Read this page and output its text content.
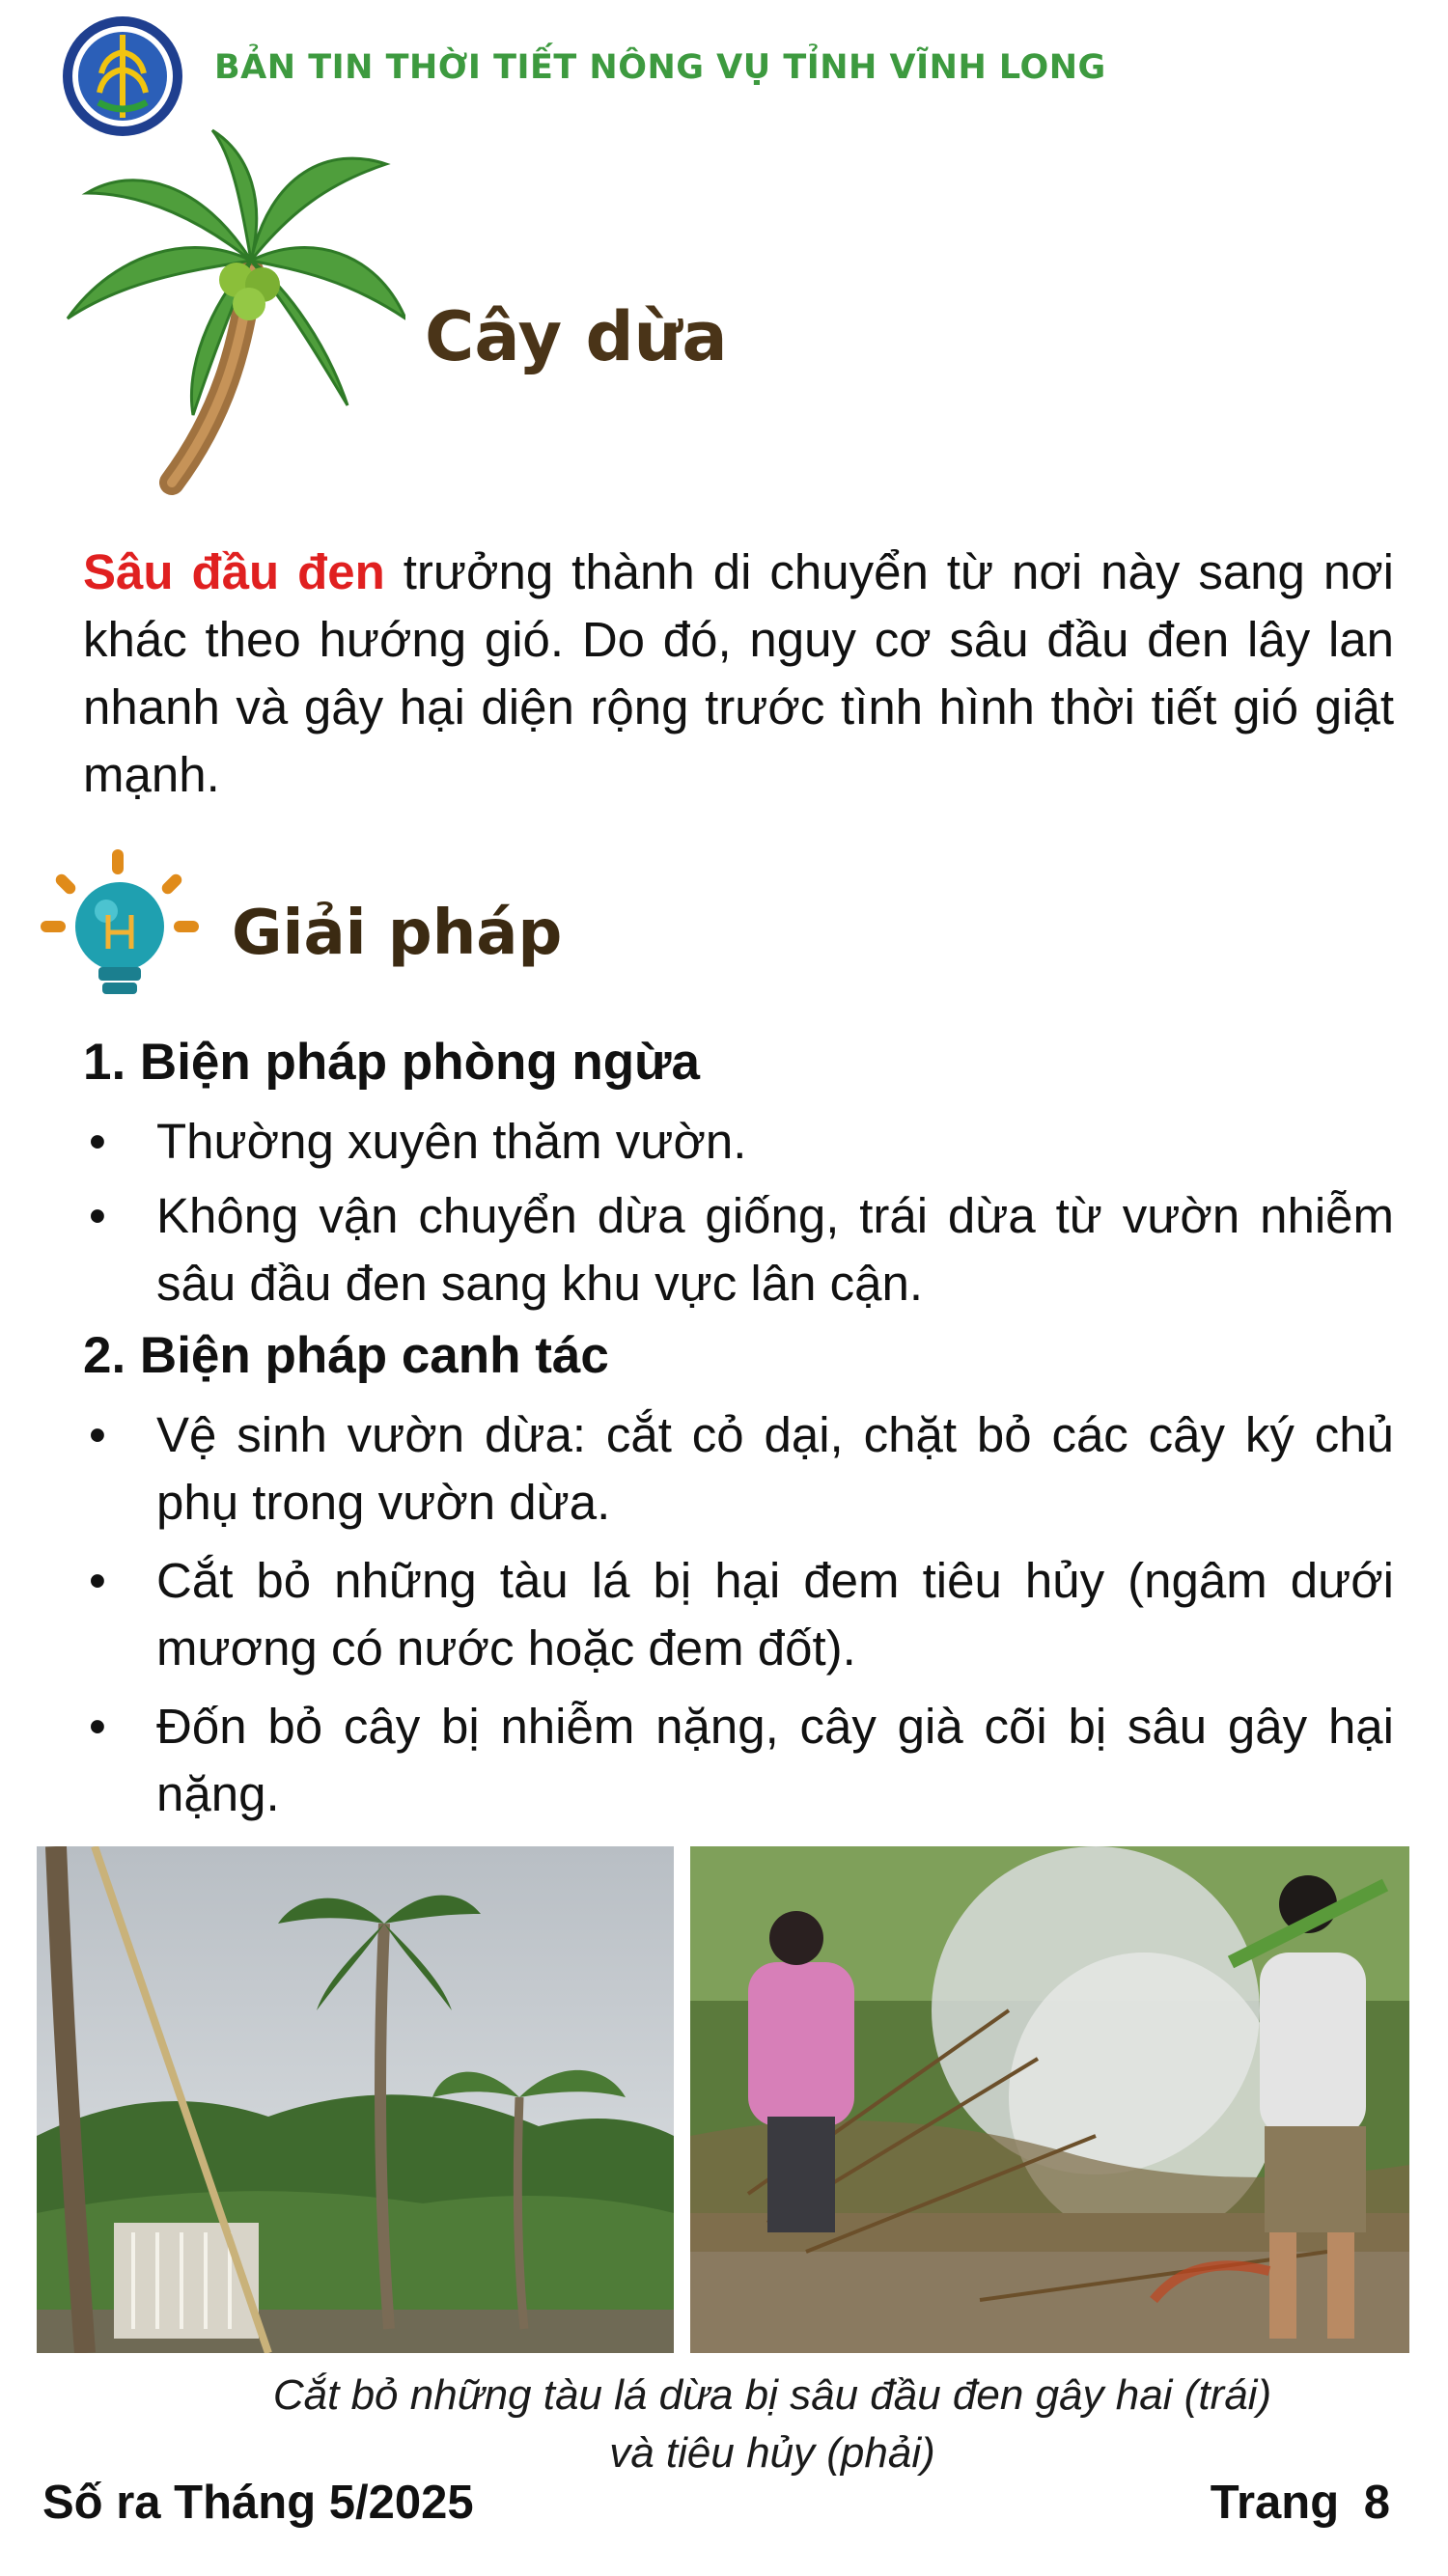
BẢN TIN THỜI TIẾT NÔNG VỤ TỈNH VĨNH LONG
Cây dừa
Sâu đầu đen trưởng thành di chuyển từ nơi này sang nơi khác theo hướng gió. Do đó, nguy cơ sâu đầu đen lây lan nhanh và gây hại diện rộng trước tình hình thời tiết gió giật mạnh.
Giải pháp
1. Biện pháp phòng ngừa
• Thường xuyên thăm vườn.
• Không vận chuyển dừa giống, trái dừa từ vườn nhiễm sâu đầu đen sang khu vực lân cận.
2. Biện pháp canh tác
• Vệ sinh vườn dừa: cắt cỏ dại, chặt bỏ các cây ký chủ phụ trong vườn dừa.
• Cắt bỏ những tàu lá bị hại đem tiêu hủy (ngâm dưới mương có nước hoặc đem đốt).
• Đốn bỏ cây bị nhiễm nặng, cây già cõi bị sâu gây hại nặng.
Cắt bỏ những tàu lá dừa bị sâu đầu đen gây hai (trái)
và tiêu hủy (phải)
Số ra Tháng 5/2025	Trang 8
